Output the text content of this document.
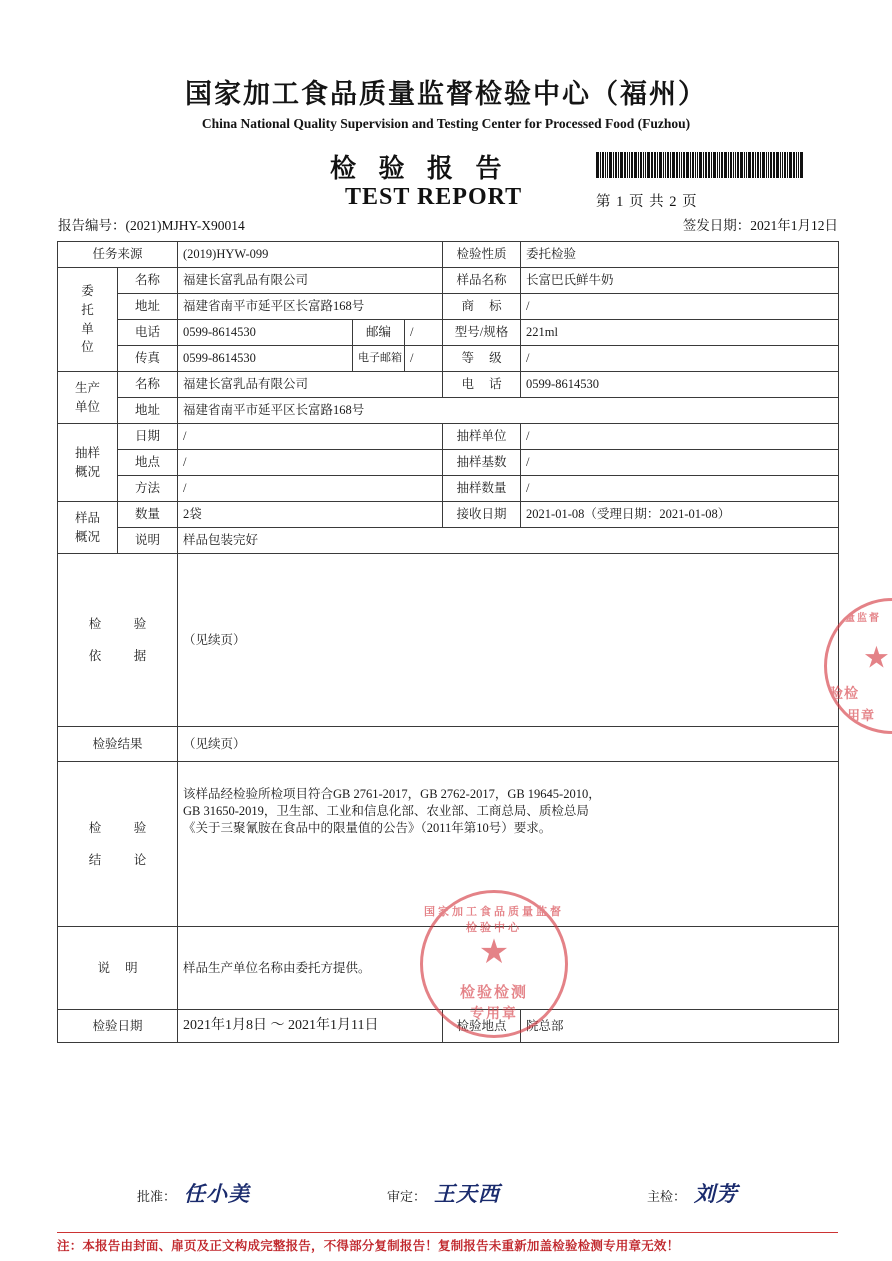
国家加工食品质量监督检验中心（福州）
China National Quality Supervision and Testing Center for Processed Food (Fuzhou)
检 验 报 告
TEST REPORT	第 1 页 共 2 页
报告编号：(2021)MJHY-X90014	签发日期：2021年1月12日
任务来源		(2019)HYW-099			检验性质	委托检验

委
托
单
位	名称	福建长富乳品有限公司			样品名称	长富巴氏鲜牛奶
	地址	福建省南平市延平区长富路168号			商 标	/
	电话	0599-8614530	邮编	/	型号/规格	221ml
	传真	0599-8614530	电子邮箱	/	等 级	/

生产
单位	名称	福建长富乳品有限公司			电 话	0599-8614530
	地址	福建省南平市延平区长富路168号				

抽样
概况	日期	/			抽样单位	/
	地点	/			抽样基数	/
	方法	/			抽样数量	/

样品
概况	数量	2袋			接收日期	2021-01-08（受理日期：2021-01-08）
	说明	样品包装完好				

检　验
依　据		（见续页）				
检验结果		（见续页）				

检　验
结　论

该样品经检验所检项目符合GB 2761-2017，GB 2762-2017，GB 19645-2010，
GB 31650-2019，卫生部、工业和信息化部、农业部、工商总局、质检总局
《关于三聚氰胺在食品中的限量值的公告》（2011年第10号）要求。

说 明		样品生产单位名称由委托方提供。				
检验日期		2021年1月8日 ～ 2021年1月11日			检验地点	院总部
批准： 任小美	审定： 王天西	主检： 刘芳
注：本报告由封面、扉页及正文构成完整报告，不得部分复制报告！复制报告未重新加盖检验检测专用章无效！
国家加工食品质量监督检验中心
★
检验检测
专用章
质量监督
★
验检
专用章
